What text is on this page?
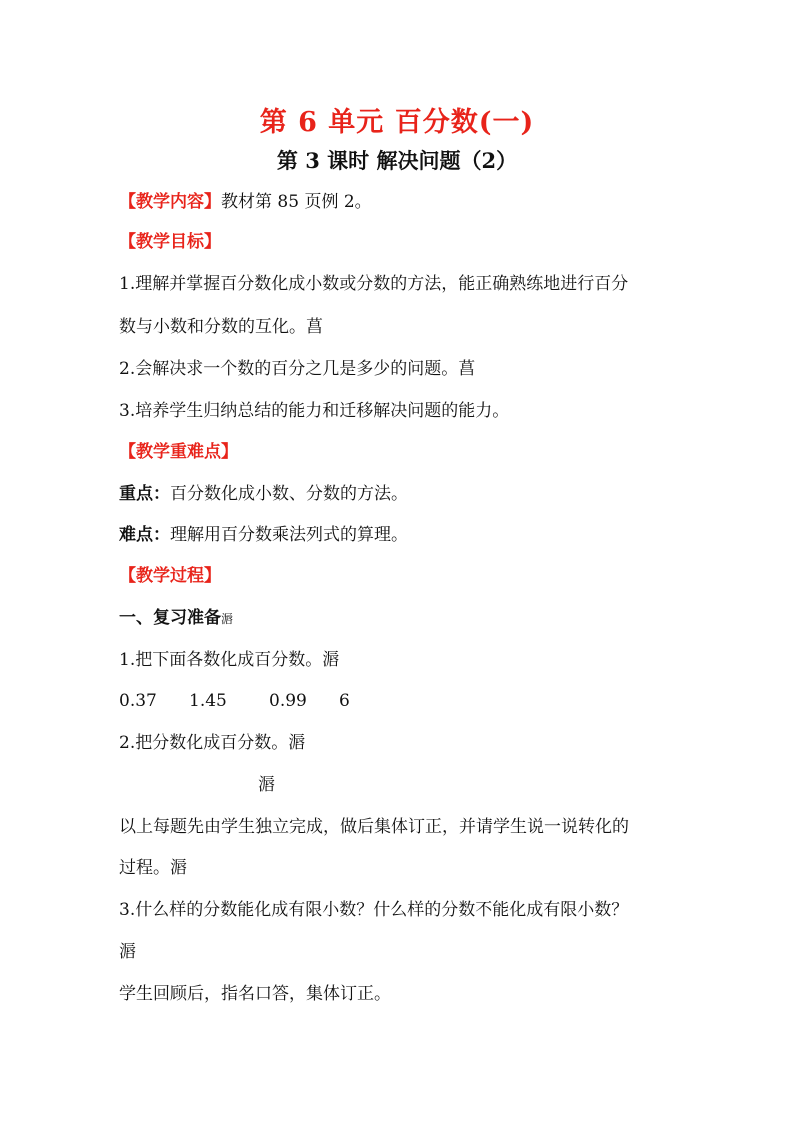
第 6 单元 百分数(一)
第 3 课时 解决问题（2）
【教学内容】教材第 85 页例 2。
【教学目标】
1.理解并掌握百分数化成小数或分数的方法，能正确熟练地进行百分
数与小数和分数的互化。菖
2.会解决求一个数的百分之几是多少的问题。菖
3.培养学生归纳总结的能力和迁移解决问题的能力。
【教学重难点】
重点：百分数化成小数、分数的方法。
难点：理解用百分数乘法列式的算理。
【教学过程】
一、复习准备滣
1.把下面各数化成百分数。滣
0.37 1.45 0.99 6
2.把分数化成百分数。滣
滣
以上每题先由学生独立完成，做后集体订正，并请学生说一说转化的
过程。滣
3.什么样的分数能化成有限小数？什么样的分数不能化成有限小数？
滣
学生回顾后，指名口答，集体订正。
